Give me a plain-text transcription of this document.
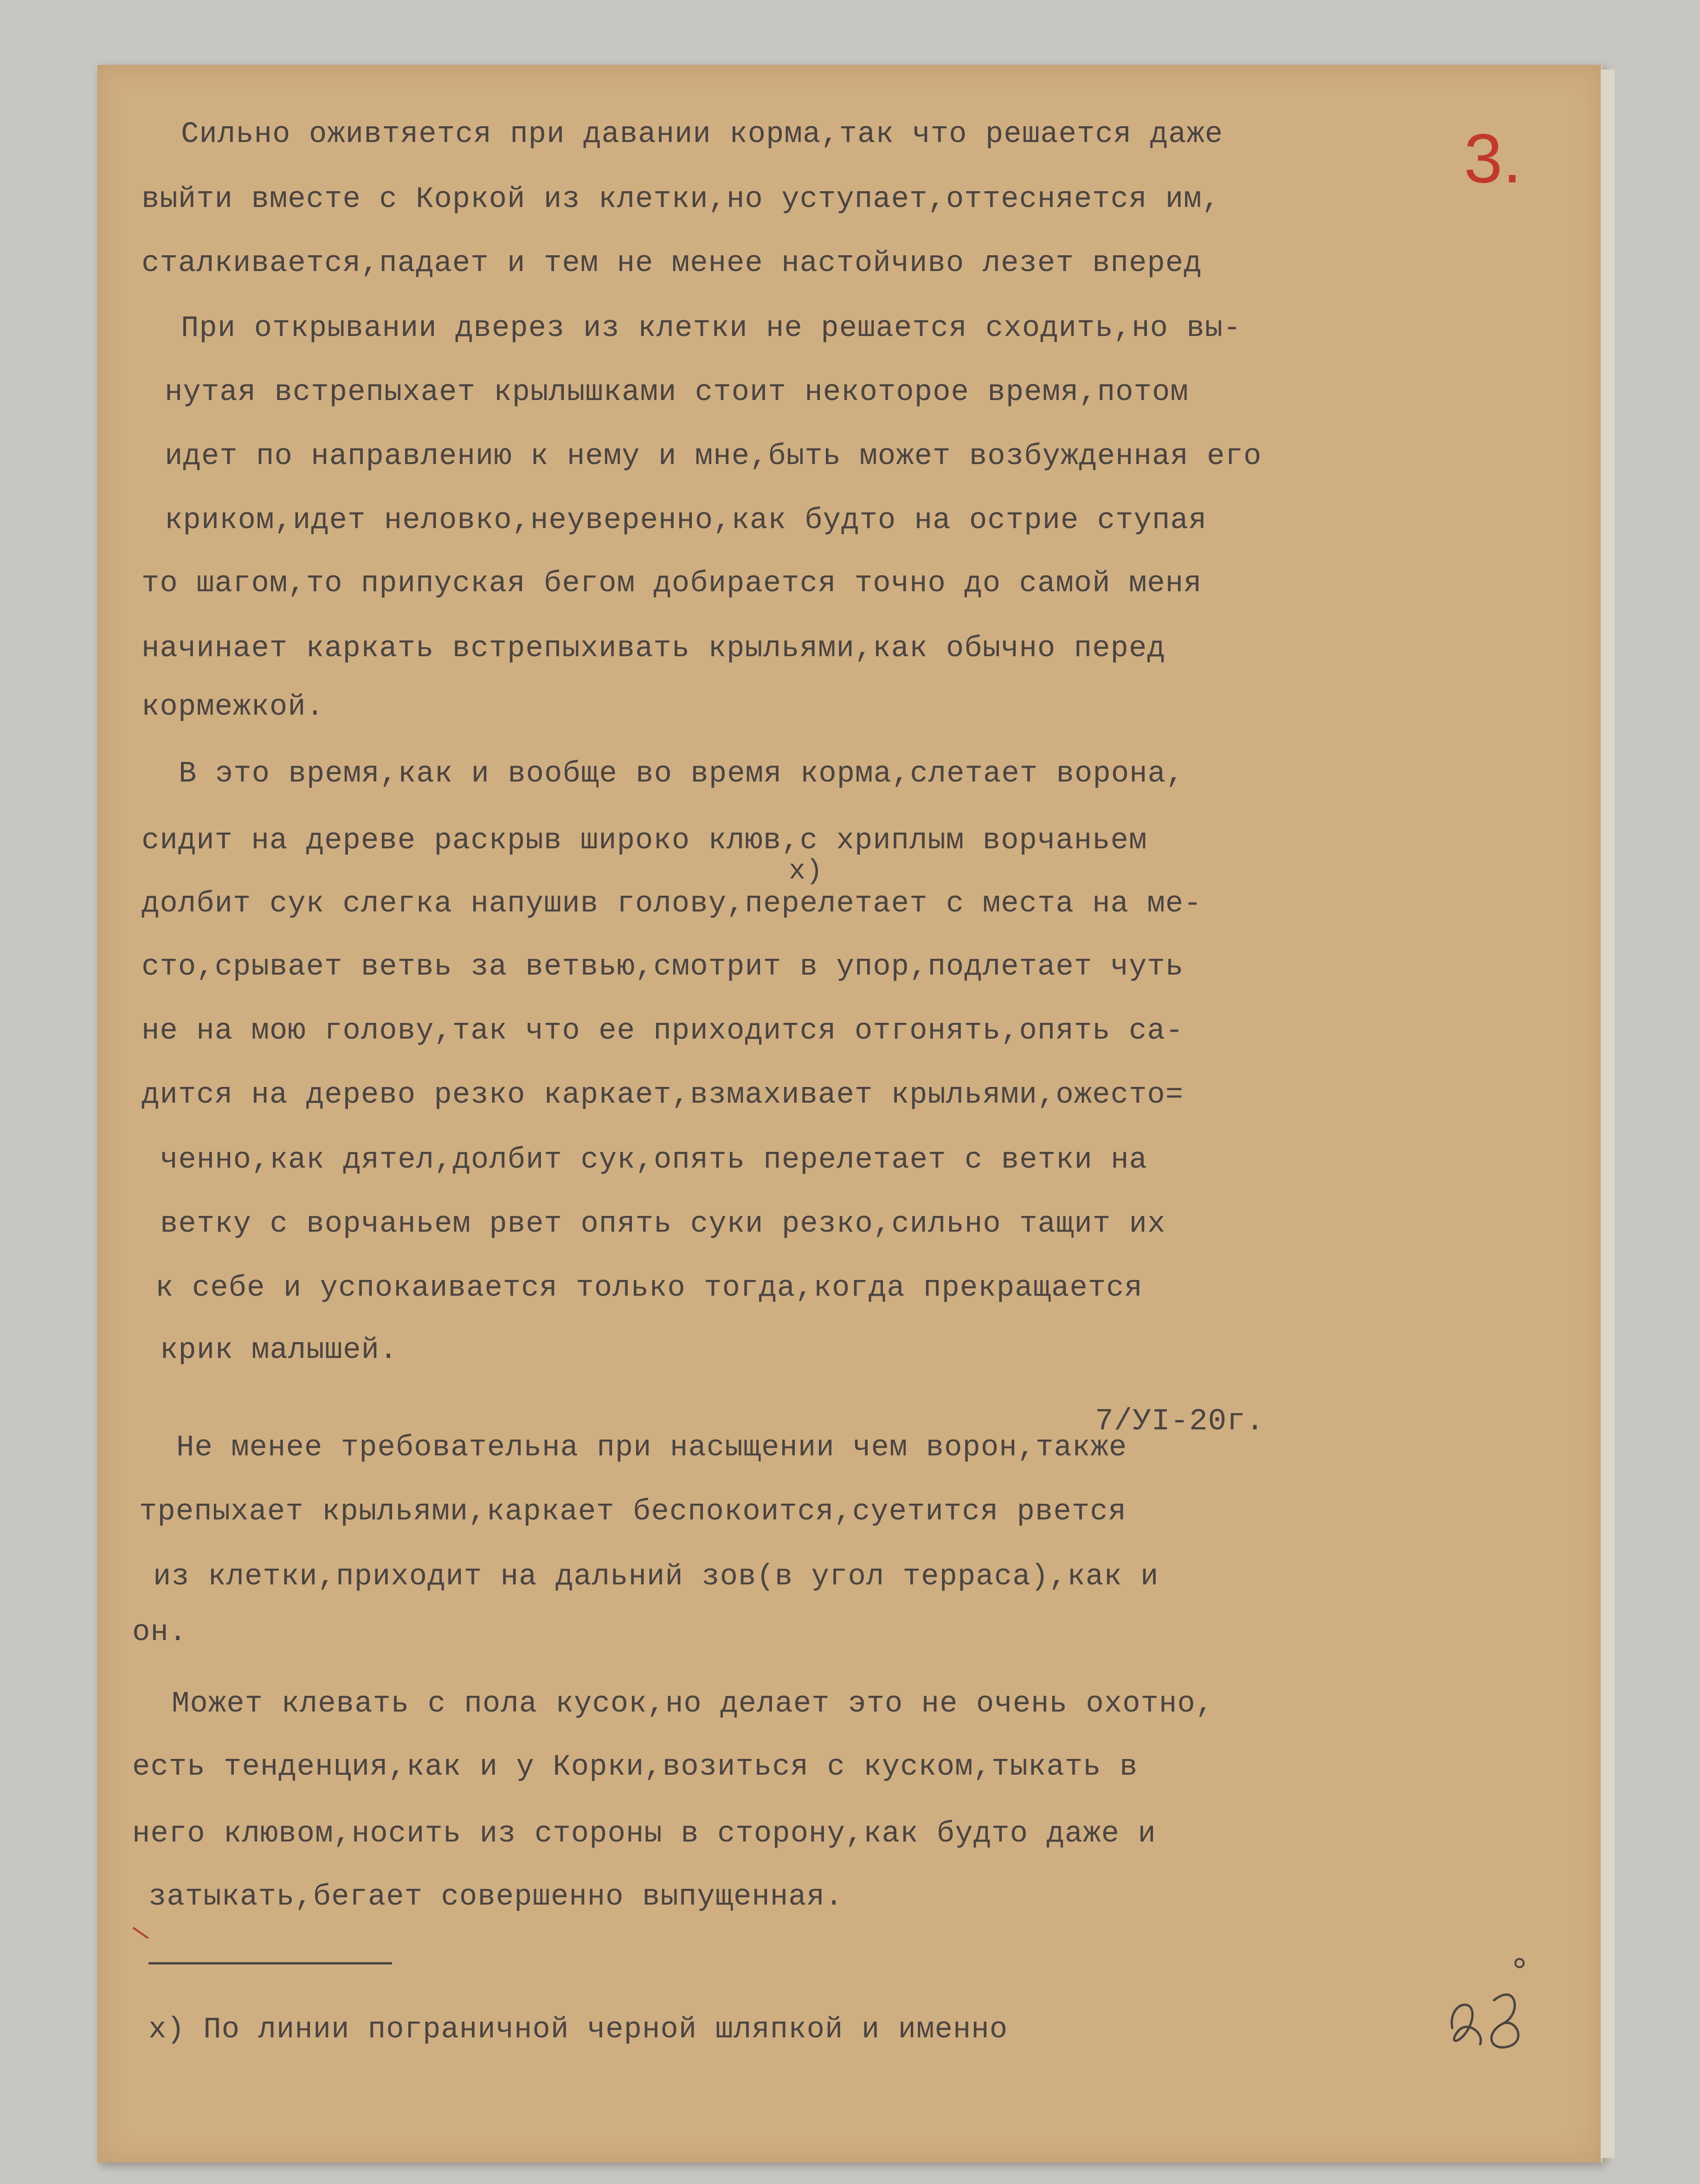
3.
Сильно оживтяется при давании корма,так что решается даже
выйти вместе с Коркой из клетки,но уступает,оттесняется им,
сталкивается,падает и тем не менее настойчиво лезет вперед
При открывании дверез из клетки не решается сходить,но вы-
нутая встрепыхает крылышками стоит некоторое время,потом
идет по направлению к нему и мне,быть может возбужденная его
криком,идет неловко,неуверенно,как будто на острие ступая
то шагом,то припуская бегом добирается точно до самой меня
начинает каркать встрепыхивать крыльями,как обычно перед
кормежкой.
В это время,как и вообще во время корма,слетает ворона,
сидит на дереве раскрыв широко клюв,с хриплым ворчаньем
х)
долбит сук слегка напушив голову,перелетает с места на ме-
сто,срывает ветвь за ветвью,смотрит в упор,подлетает чуть
не на мою голову,так что ее приходится отгонять,опять са-
дится на дерево резко каркает,взмахивает крыльями,ожесто=
ченно,как дятел,долбит сук,опять перелетает с ветки на
ветку с ворчаньем рвет опять суки резко,сильно тащит их
к себе и успокаивается только тогда,когда прекращается
крик малышей.
7/УI-20г.
Не менее требовательна при насыщении чем ворон,также
трепыхает крыльями,каркает беспокоится,суетится рвется
из клетки,приходит на дальний зов(в угол терраса),как и
он.
Может клевать с пола кусок,но делает это не очень охотно,
есть тенденция,как и у Корки,возиться с куском,тыкать в
него клювом,носить из стороны в сторону,как будто даже и
затыкать,бегает совершенно выпущенная.
х) По линии пограничной черной шляпкой и именно
